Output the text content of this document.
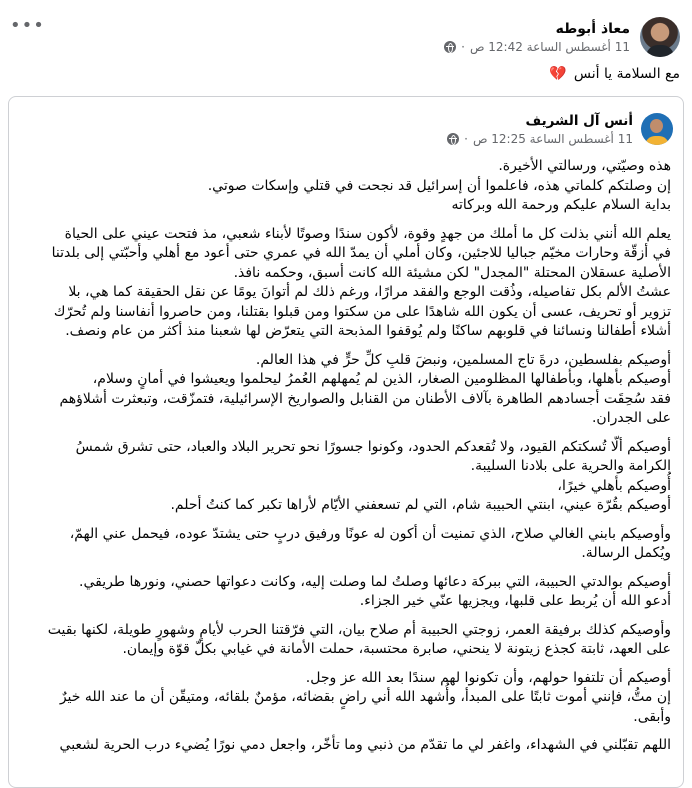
معاذ أبوطه
11 أغسطس الساعة 12:42 ص
·
•••
مع السلامة يا أنس 💔
أنس آل الشريف
11 أغسطس الساعة 12:25 ص
·

هذه وصيّتي، ورسالتي الأخيرة.
إن وصلتكم كلماتي هذه، فاعلموا أن إسرائيل قد نجحت في قتلي وإسكات صوتي.
بداية السلام عليكم ورحمة الله وبركاته

يعلم الله أنني بذلت كل ما أملك من جهدٍ وقوة، لأكون سندًا وصوتًا لأبناء شعبي، مذ فتحت عيني على الحياة
في أزقّة وحارات مخيّم جباليا للاجئين، وكان أملي أن يمدّ الله في عمري حتى أعود مع أهلي وأحبّتي إلى بلدتنا
الأصلية عسقلان المحتلة "المجدل" لكن مشيئة الله كانت أسبق، وحكمه نافذ.
عشتُ الألم بكل تفاصيله، وذُقت الوجع والفقد مرارًا، ورغم ذلك لم أتوانَ يومًا عن نقل الحقيقة كما هي، بلا
تزوير أو تحريف، عسى أن يكون الله شاهدًا على من سكتوا ومن قبلوا بقتلنا، ومن حاصروا أنفاسنا ولم تُحرّك
أشلاء أطفالنا ونسائنا في قلوبهم ساكنًا ولم يُوقفوا المذبحة التي يتعرّض لها شعبنا منذ أكثر من عام ونصف.

أوصيكم بفلسطين، درةَ تاج المسلمين، ونبضَ قلبِ كلِّ حرٍّ في هذا العالم.
أوصيكم بأهلها، وبأطفالها المظلومين الصغار، الذين لم يُمهلهم العُمرُ ليحلموا ويعيشوا في أمانٍ وسلام،
فقد سُحِقَت أجسادهم الطاهرة بآلاف الأطنان من القنابل والصواريخ الإسرائيلية، فتمزّقت، وتبعثرت أشلاؤهم
على الجدران.

أوصيكم ألّا تُسكتكم القيود، ولا تُقعدكم الحدود، وكونوا جسورًا نحو تحرير البلاد والعباد، حتى تشرق شمسُ
الكرامة والحرية على بلادنا السليبة.
أُوصيكم بأهلي خيرًا،
أوصيكم بقُرّة عيني، ابنتي الحبيبة شام، التي لم تسعفني الأيّام لأراها تكبر كما كنتُ أحلم.

وأوصيكم بابني الغالي صلاح، الذي تمنيت أن أكون له عونًا ورفيق دربٍ حتى يشتدّ عوده، فيحمل عني الهمّ،
ويُكمل الرسالة.

أوصيكم بوالدتي الحبيبة، التي ببركة دعائها وصلتُ لما وصلت إليه، وكانت دعواتها حصني، ونورها طريقي.
أدعو الله أن يُربط على قلبها، ويجزيها عنّي خير الجزاء.

وأوصيكم كذلك برفيقة العمر، زوجتي الحبيبة أم صلاح بيان، التي فرّقتنا الحرب لأيامٍ وشهورٍ طويلة، لكنها بقيت
على العهد، ثابتة كجذع زيتونة لا ينحني، صابرة محتسبة، حملت الأمانة في غيابي بكلّ قوّة وإيمان.

أوصيكم أن تلتفوا حولهم، وأن تكونوا لهم سندًا بعد الله عز وجل.
إن متُّ، فإنني أموت ثابتًا على المبدأ، وأُشهد الله أني راضٍ بقضائه، مؤمنٌ بلقائه، ومتيقّن أن ما عند الله خيرٌ
وأبقى.

اللهم تقبّلني في الشهداء، واغفر لي ما تقدّم من ذنبي وما تأخّر، واجعل دمي نورًا يُضيء درب الحرية لشعبي
